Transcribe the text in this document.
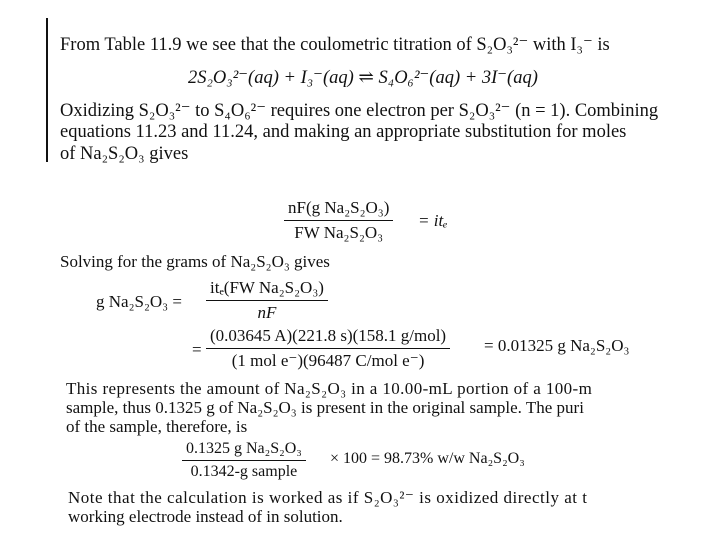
From Table 11.9 we see that the coulometric titration of S₂O₃²⁻ with I₃⁻ is
2S₂O₃²⁻(aq) + I₃⁻(aq) ⇌ S₄O₆²⁻(aq) + 3I⁻(aq)
Oxidizing S₂O₃²⁻ to S₄O₆²⁻ requires one electron per S₂O₃²⁻ (n = 1). Combining
equations 11.23 and 11.24, and making an appropriate substitution for moles
of Na₂S₂O₃ gives
$\frac{\text{nF(g Na₂S₂O₃)}}{\text{FW Na₂S₂O₃}} = it_e$
Solving for the grams of Na₂S₂O₃ gives
g Na₂S₂O₃ =
itₑ(FW Na₂S₂O₃)
nF
=
(0.03645 A)(221.8 s)(158.1 g/mol)
(1 mol e⁻)(96487 C/mol e⁻)
= 0.01325 g Na₂S₂O₃
This represents the amount of Na₂S₂O₃ in a 10.00-mL portion of a 100-m
sample, thus 0.1325 g of Na₂S₂O₃ is present in the original sample. The puri
of the sample, therefore, is
0.1325 g Na₂S₂O₃
0.1342-g sample
× 100 = 98.73% w/w Na₂S₂O₃
Note that the calculation is worked as if S₂O₃²⁻ is oxidized directly at t
working electrode instead of in solution.
